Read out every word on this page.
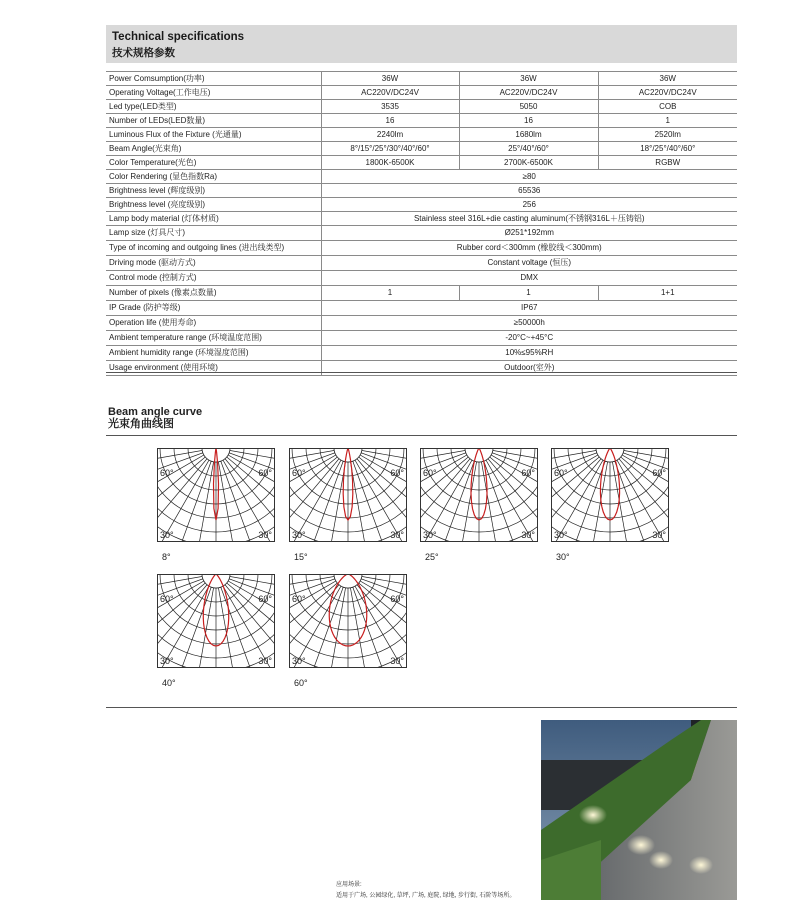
Technical specifications
技术规格参数
Power Comsumption(功率)	36W	36W	36W
Operating Voltage(工作电压)	AC220V/DC24V	AC220V/DC24V	AC220V/DC24V
Led type(LED类型)	3535	5050	COB
Number of LEDs(LED数量)	16	16	1
Luminous Flux of the Fixture (光通量)	2240lm	1680lm	2520lm
Beam Angle(光束角)	8°/15°/25°/30°/40°/60°	25°/40°/60°	18°/25°/40°/60°
Color Temperature(光色)	1800K-6500K	2700K-6500K	RGBW
Color Rendering (显色指数Ra)	≥80		
Brightness level (辉度级别)	65536		
Brightness level (亮度级别)	256		
Lamp body material (灯体材质)	Stainless steel 316L+die casting aluminum(不锈钢316L＋压铸铝)		
Lamp size (灯具尺寸)	Ø251*192mm		
Type of incoming and outgoing lines (进出线类型)	Rubber cord＜300mm (橡胶线＜300mm)		
Driving mode (驱动方式)	Constant voltage (恒压)		
Control mode (控制方式)	DMX		
Number of pixels (像素点数量)	1	1	1+1
IP Grade (防护等级)	IP67		
Operation life (使用寿命)	≥50000h		
Ambient temperature range (环境温度范围)	-20°C~+45°C		
Ambient humidity range (环境湿度范围)	10%≤95%RH		
Usage environment (使用环境)	Outdoor(室外)		
Beam angle curve
光束角曲线图
60°	60°
30°	30°
8°
60°	60°
30°	30°
15°
60°	60°
30°	30°
25°
60°	60°
30°	30°
30°
60°	60°
30°	30°
40°
60°	60°
30°	30°
60°
应用场景:
适用于广场, 公园绿化, 草坪, 广场, 庭院, 绿地, 步行街, 石阶等场所。
